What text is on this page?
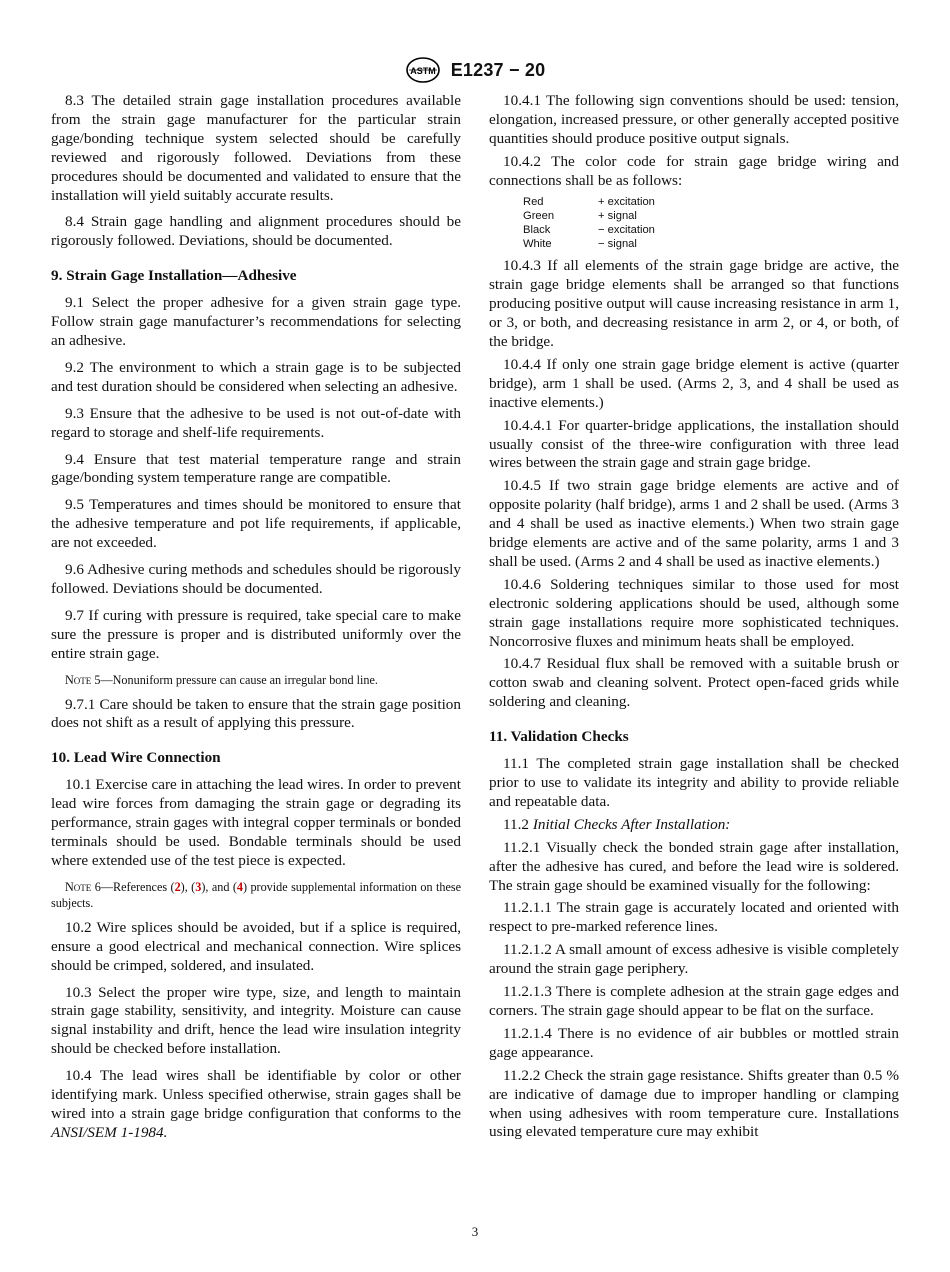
ASTM E1237 − 20

8.3 The detailed strain gage installation procedures available from the strain gage manufacturer for the particular strain gage/bonding technique system selected should be carefully reviewed and rigorously followed. Deviations from these procedures should be documented and validated to ensure that the installation will yield suitably accurate results.

8.4 Strain gage handling and alignment procedures should be rigorously followed. Deviations, should be documented.

9. Strain Gage Installation—Adhesive

9.1 Select the proper adhesive for a given strain gage type. Follow strain gage manufacturer’s recommendations for selecting an adhesive.

9.2 The environment to which a strain gage is to be subjected and test duration should be considered when selecting an adhesive.

9.3 Ensure that the adhesive to be used is not out-of-date with regard to storage and shelf-life requirements.

9.4 Ensure that test material temperature range and strain gage/bonding system temperature range are compatible.

9.5 Temperatures and times should be monitored to ensure that the adhesive temperature and pot life requirements, if applicable, are not exceeded.

9.6 Adhesive curing methods and schedules should be rigorously followed. Deviations should be documented.

9.7 If curing with pressure is required, take special care to make sure the pressure is proper and is distributed uniformly over the entire strain gage.

Note 5—Nonuniform pressure can cause an irregular bond line.

9.7.1 Care should be taken to ensure that the strain gage position does not shift as a result of applying this pressure.

10. Lead Wire Connection

10.1 Exercise care in attaching the lead wires. In order to prevent lead wire forces from damaging the strain gage or degrading its performance, strain gages with integral copper terminals or bonded terminals should be used. Bondable terminals should be used where extended use of the test piece is expected.

Note 6—References (2), (3), and (4) provide supplemental information on these subjects.

10.2 Wire splices should be avoided, but if a splice is required, ensure a good electrical and mechanical connection. Wire splices should be crimped, soldered, and insulated.

10.3 Select the proper wire type, size, and length to maintain strain gage stability, sensitivity, and integrity. Moisture can cause signal instability and drift, hence the lead wire insulation integrity should be checked before installation.

10.4 The lead wires shall be identifiable by color or other identifying mark. Unless specified otherwise, strain gages shall be wired into a strain gage bridge configuration that conforms to the ANSI/SEM 1-1984.

10.4.1 The following sign conventions should be used: tension, elongation, increased pressure, or other generally accepted positive quantities should produce positive output signals.

10.4.2 The color code for strain gage bridge wiring and connections shall be as follows:

Red	+ excitation
Green	+ signal
Black	− excitation
White	− signal

10.4.3 If all elements of the strain gage bridge are active, the strain gage bridge elements shall be arranged so that functions producing positive output will cause increasing resistance in arm 1, or 3, or both, and decreasing resistance in arm 2, or 4, or both, of the bridge.

10.4.4 If only one strain gage bridge element is active (quarter bridge), arm 1 shall be used. (Arms 2, 3, and 4 shall be used as inactive elements.)

10.4.4.1 For quarter-bridge applications, the installation should usually consist of the three-wire configuration with three lead wires between the strain gage and strain gage bridge.

10.4.5 If two strain gage bridge elements are active and of opposite polarity (half bridge), arms 1 and 2 shall be used. (Arms 3 and 4 shall be used as inactive elements.) When two strain gage bridge elements are active and of the same polarity, arms 1 and 3 shall be used. (Arms 2 and 4 shall be used as inactive elements.)

10.4.6 Soldering techniques similar to those used for most electronic soldering applications should be used, although some strain gage installations require more sophisticated techniques. Noncorrosive fluxes and minimum heats shall be employed.

10.4.7 Residual flux shall be removed with a suitable brush or cotton swab and cleaning solvent. Protect open-faced grids while soldering and cleaning.

11. Validation Checks

11.1 The completed strain gage installation shall be checked prior to use to validate its integrity and ability to provide reliable and repeatable data.

11.2 Initial Checks After Installation:

11.2.1 Visually check the bonded strain gage after installation, after the adhesive has cured, and before the lead wire is soldered. The strain gage should be examined visually for the following:

11.2.1.1 The strain gage is accurately located and oriented with respect to pre-marked reference lines.

11.2.1.2 A small amount of excess adhesive is visible completely around the strain gage periphery.

11.2.1.3 There is complete adhesion at the strain gage edges and corners. The strain gage should appear to be flat on the surface.

11.2.1.4 There is no evidence of air bubbles or mottled strain gage appearance.

11.2.2 Check the strain gage resistance. Shifts greater than 0.5 % are indicative of damage due to improper handling or clamping when using adhesives with room temperature cure. Installations using elevated temperature cure may exhibit

3
